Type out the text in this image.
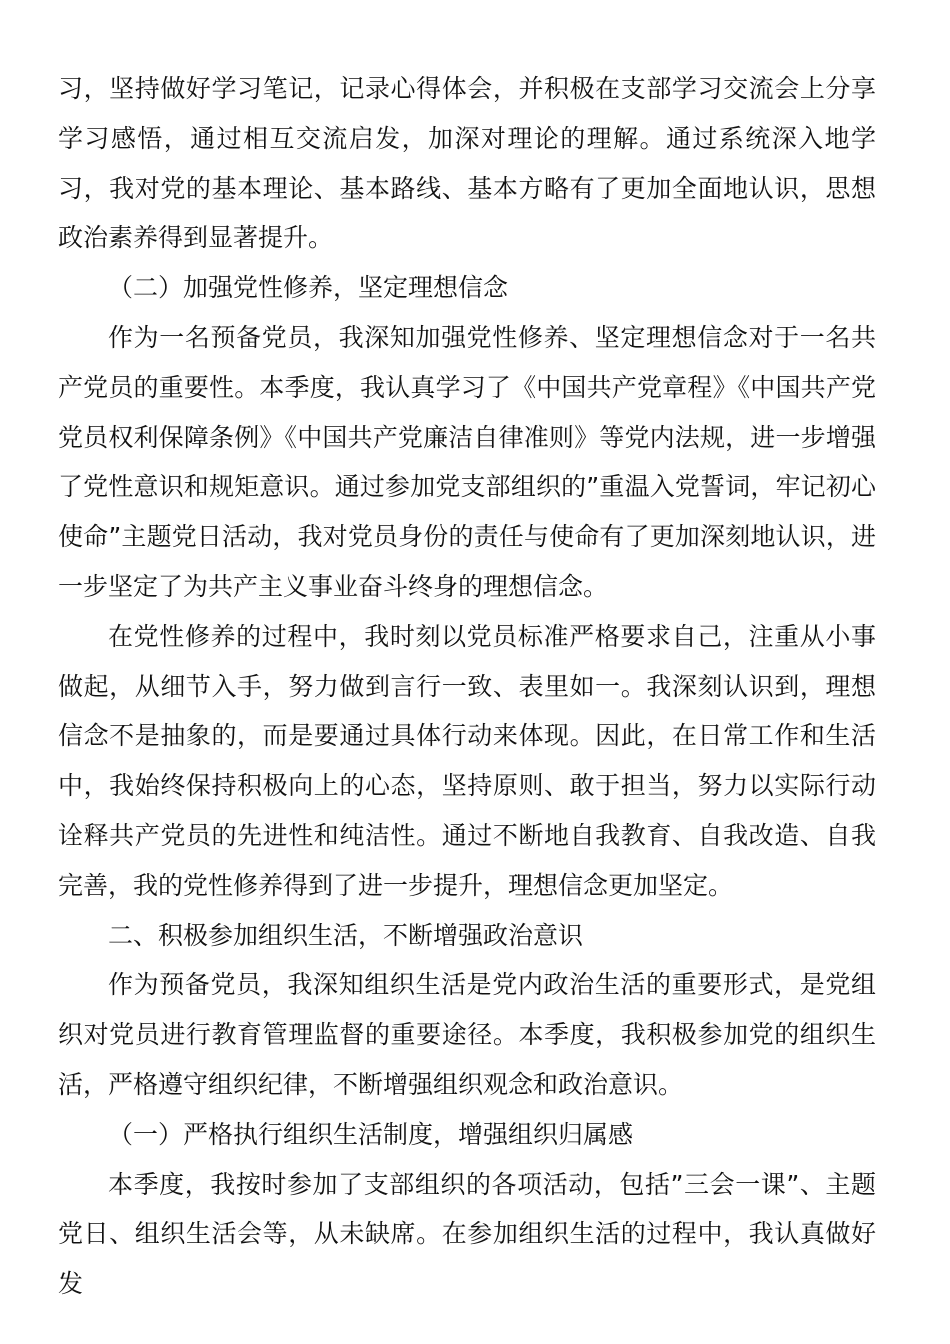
习，坚持做好学习笔记，记录心得体会，并积极在支部学习交流会上分享学习感悟，通过相互交流启发，加深对理论的理解。通过系统深入地学习，我对党的基本理论、基本路线、基本方略有了更加全面地认识，思想政治素养得到显著提升。

（二）加强党性修养，坚定理想信念

作为一名预备党员，我深知加强党性修养、坚定理想信念对于一名共产党员的重要性。本季度，我认真学习了《中国共产党章程》《中国共产党党员权利保障条例》《中国共产党廉洁自律准则》等党内法规，进一步增强了党性意识和规矩意识。通过参加党支部组织的”重温入党誓词，牢记初心使命”主题党日活动，我对党员身份的责任与使命有了更加深刻地认识，进一步坚定了为共产主义事业奋斗终身的理想信念。

在党性修养的过程中，我时刻以党员标准严格要求自己，注重从小事做起，从细节入手，努力做到言行一致、表里如一。我深刻认识到，理想信念不是抽象的，而是要通过具体行动来体现。因此，在日常工作和生活中，我始终保持积极向上的心态，坚持原则、敢于担当，努力以实际行动诠释共产党员的先进性和纯洁性。通过不断地自我教育、自我改造、自我完善，我的党性修养得到了进一步提升，理想信念更加坚定。

二、积极参加组织生活，不断增强政治意识

作为预备党员，我深知组织生活是党内政治生活的重要形式，是党组织对党员进行教育管理监督的重要途径。本季度，我积极参加党的组织生活，严格遵守组织纪律，不断增强组织观念和政治意识。

（一）严格执行组织生活制度，增强组织归属感

本季度，我按时参加了支部组织的各项活动，包括”三会一课”、主题党日、组织生活会等，从未缺席。在参加组织生活的过程中，我认真做好发
